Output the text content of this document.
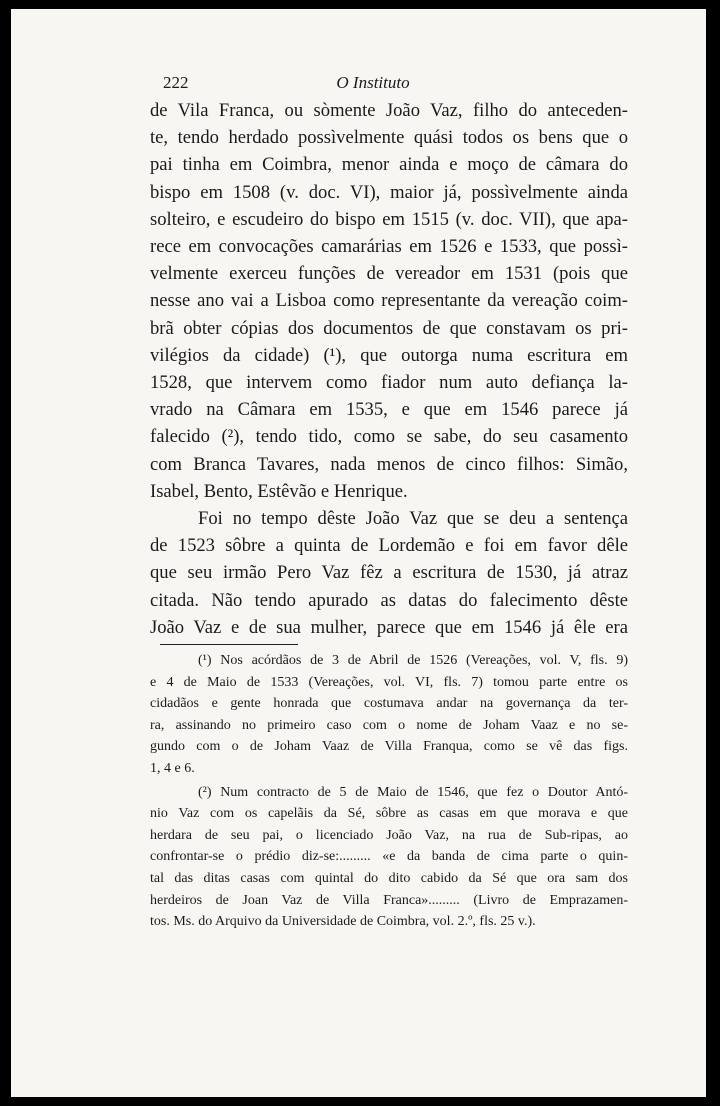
222	O Instituto
de Vila Franca, ou sòmente João Vaz, filho do anteceden-
te, tendo herdado possìvelmente quási todos os bens que o
pai tinha em Coimbra, menor ainda e moço de câmara do
bispo em 1508 (v. doc. VI), maior já, possìvelmente ainda
solteiro, e escudeiro do bispo em 1515 (v. doc. VII), que apa-
rece em convocações camarárias em 1526 e 1533, que possì-
velmente exerceu funções de vereador em 1531 (pois que
nesse ano vai a Lisboa como representante da vereação coim-
brã obter cópias dos documentos de que constavam os pri-
vilégios da cidade) (¹), que outorga numa escritura em
1528, que intervem como fiador num auto defiança la-
vrado na Câmara em 1535, e que em 1546 parece já
falecido (²), tendo tido, como se sabe, do seu casamento
com Branca Tavares, nada menos de cinco filhos: Simão,
Isabel, Bento, Estêvão e Henrique.
Foi no tempo dêste João Vaz que se deu a sentença
de 1523 sôbre a quinta de Lordemão e foi em favor dêle
que seu irmão Pero Vaz fêz a escritura de 1530, já atraz
citada. Não tendo apurado as datas do falecimento dêste
João Vaz e de sua mulher, parece que em 1546 já êle era
(¹) Nos acórdãos de 3 de Abril de 1526 (Vereações, vol. V, fls. 9)
e 4 de Maio de 1533 (Vereações, vol. VI, fls. 7) tomou parte entre os
cidadãos e gente honrada que costumava andar na governança da ter-
ra, assinando no primeiro caso com o nome de Joham Vaaz e no se-
gundo com o de Joham Vaaz de Villa Franqua, como se vê das figs.
1, 4 e 6.
(²) Num contracto de 5 de Maio de 1546, que fez o Doutor Antó-
nio Vaz com os capelãis da Sé, sôbre as casas em que morava e que
herdara de seu pai, o licenciado João Vaz, na rua de Sub-ripas, ao
confrontar-se o prédio diz-se:......... «e da banda de cima parte o quin-
tal das ditas casas com quintal do dito cabido da Sé que ora sam dos
herdeiros de Joan Vaz de Villa Franca»......... (Livro de Emprazamen-
tos. Ms. do Arquivo da Universidade de Coimbra, vol. 2.º, fls. 25 v.).
